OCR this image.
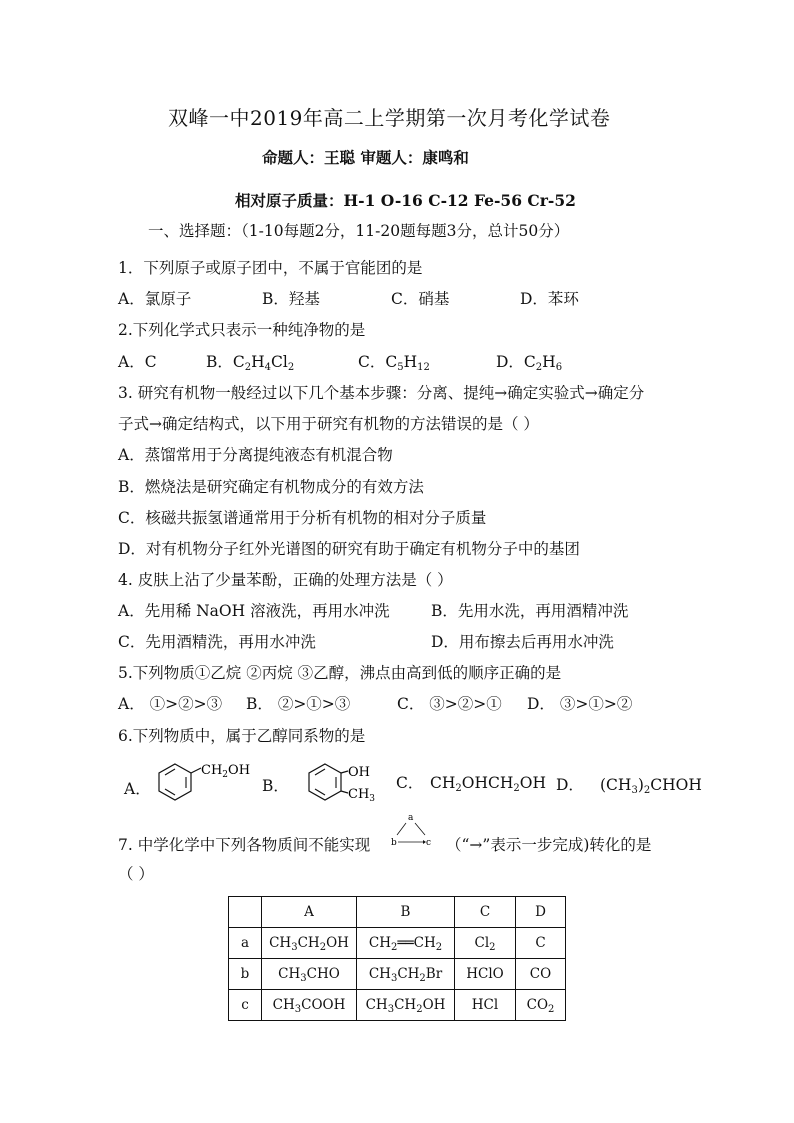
双峰一中2019年高二上学期第一次月考化学试卷
命题人：王聪 审题人：康鸣和
相对原子质量：H-1 O-16 C-12 Fe-56 Cr-52
一、选择题：（1-10每题2分，11-20题每题3分，总计50分）
1．下列原子或原子团中，不属于官能团的是
A．氯原子	B．羟基	C．硝基	D．苯环
2.下列化学式只表示一种纯净物的是
A．C	B．$C_2H_4Cl_2$	C．$C_5H_{12}$	D．$C_2H_6$
3. 研究有机物一般经过以下几个基本步骤：分离、提纯→确定实验式→确定分
子式→确定结构式，以下用于研究有机物的方法错误的是（ ）
A．蒸馏常用于分离提纯液态有机混合物
B．燃烧法是研究确定有机物成分的有效方法
C．核磁共振氢谱通常用于分析有机物的相对分子质量
D．对有机物分子红外光谱图的研究有助于确定有机物分子中的基团
4. 皮肤上沾了少量苯酚，正确的处理方法是（ ）
A．先用稀 NaOH 溶液洗，再用水冲洗	B．先用水洗，再用酒精冲洗
C．先用酒精洗，再用水冲洗	D．用布擦去后再用水冲洗
5.下列物质①乙烷 ②丙烷 ③乙醇，沸点由高到低的顺序正确的是
A． ①>②>③ B． ②>①>③	C． ③>②>① D． ③>①>②
6.下列物质中，属于乙醇同系物的是
A．
$CH_2OH$
B．
OH
$CH_3$
C． $CH_2OHCH_2OH$ D． $(CH_3)_2CHOH$
7. 中学化学中下列各物质间不能实现
a
b	c （“→”表示一步完成)转化的是
（ ）
	A	B	C	D
a	$CH_3CH_2OH$	$CH_2══CH_2$	$Cl_2$	C
b	$CH_3CHO$	$CH_3CH_2Br$	HClO	CO
c	$CH_3COOH$	$CH_3CH_2OH$	HCl	$CO_2$
